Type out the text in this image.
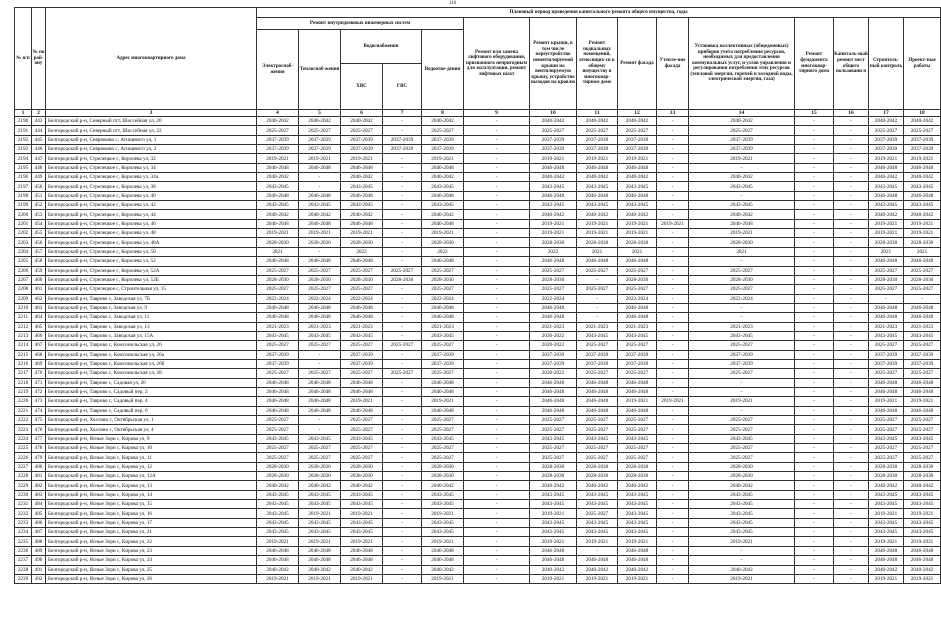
116
№ п/п	№ по рай-ону	Адрес многоквартирного дома	Плановый период проведения капитального ремонта общего имущества, годы														
			Ремонт внутридомовых инженерных систем					Ремонт или замена лифтового оборудования, признанного непригодным для эксплуатации, ремонт лифтовых шахт	Ремонт крыши, в том числе переустройство невентилируемой крыши на вентилируемую крышу, устройство выходов на кровлю	Ремонт подвальных помещений, относящих-ся к общему имуществу в многоквар-тирном доме	Ремонт фасада	Утепле-ние фасада	Установка коллективных (общедомовых) приборов учета потребления ресурсов, необходимых для предоставления коммунальных услуг, и узлов управления и регулирования потребления этих ресурсов (тепловой энергии, горячей и холодной воды, электрической энергии, газа)	Ремонт фундамента многоквар-тирного дома	Капиталь-ный ремонт мест общего пользовани я	Строитель-ный контроль	Проект-ные работы
			Электроснаб-жения	Теплоснаб-жения	Водоснабжения		Водоотве-дения										
					ХВС	ГВС											
1	2	3	4	5	6	7	8	9	10	11	12	13	14	15	16	17	18
2190	443	Белгородский р-н, Северный пгт, Шоссейная ул, 20	2040-2042	2040-2042	2040-2042	-	2040-2042	-	2040-2042	2040-2042	2040-2042	-	2040-2042	-	-	2040-2042	2040-2042
2191	444	Белгородский р-н, Северный пгт, Шоссейная ул, 22	2025-2027	2025-2027	2025-2027	-	2025-2027	-	2025-2027	2025-2027	2025-2027	-	2025-2027	-	-	2025-2027	2025-2027
2192	445	Белгородский р-н, Севрюково с, Агищевого ул, 1	2037-2039	2037-2039	2037-2039	2037-2039	2037-2039	-	2037-2039	2037-2039	2037-2039	-	2037-2039	-	-	2037-2039	2037-2039
2193	446	Белгородский р-н, Севрюково с, Агищевого ул, 2	2037-2039	2037-2039	2037-2039	2037-2039	2037-2039	-	2037-2039	2037-2039	2037-2039	-	2037-2039	-	-	2037-2039	2037-2039
2194	447	Белгородский р-н, Стрелецкое с, Королева ул, 32	2019-2021	2019-2021	2019-2021	-	2019-2021	-	2019-2021	2019-2021	2019-2021	-	2019-2021	-	-	2019-2021	2019-2021
2195	448	Белгородский р-н, Стрелецкое с, Королева ул, 34	2046-2048	2046-2048	2046-2048	-	2046-2048	-	2046-2048	2046-2048	2046-2048	-	-	-	-	2046-2048	2046-2048
2196	449	Белгородский р-н, Стрелецкое с, Королева ул, 34а	2040-2042	-	2040-2042	-	2040-2042	-	2040-2042	2040-2042	2040-2042	-	2040-2042	-	-	2040-2042	2040-2042
2197	450	Белгородский р-н, Стрелецкое с, Королева ул, 38	2043-2045	-	2043-2045	-	2043-2045	-	2043-2045	2043-2045	2043-2045	-	2043-2045	-	-	2043-2045	2043-2045
2198	451	Белгородский р-н, Стрелецкое с, Королева ул, 40	2046-2048	2046-2048	2046-2048	-	2046-2048	-	2046-2048	2046-2048	2046-2048	-	-	-	-	2046-2048	2046-2048
2199	452	Белгородский р-н, Стрелецкое с, Королева ул, 42	2043-2045	2043-2045	2043-2045	-	2043-2045	-	2043-2045	2043-2045	2043-2045	-	2043-2045	-	-	2043-2045	2043-2045
2200	453	Белгородский р-н, Стрелецкое с, Королева ул, 44	2040-2042	2040-2042	2040-2042	-	2040-2042	-	2040-2042	2040-2042	2040-2042	-	2040-2042	-	-	2040-2042	2040-2042
2201	454	Белгородский р-н, Стрелецкое с, Королева ул, 46	2046-2048	2046-2048	2046-2048	-	2046-2048	-	2019-2021	2019-2021	2019-2021	2019-2021	2046-2048	-	-	2019-2021	2019-2021
2202	455	Белгородский р-н, Стрелецкое с, Королева ул, 48	2019-2021	2019-2021	2019-2021	-	2019-2021	-	2019-2021	2019-2021	2019-2021	-	2019-2021	-	-	2019-2021	2019-2021
2203	456	Белгородский р-н, Стрелецкое с, Королева ул, 48А	2028-2030	2028-2030	2028-2030	-	2028-2030	-	2028-2030	2028-2030	2028-2030	-	2028-2030	-	-	2028-2030	2028-2030
2204	457	Белгородский р-н, Стрелецкое с, Королева ул, 50	2021	-	2022	-	2022	-	2022	2021	2021	-	2021	-	-	2021	2021
2205	458	Белгородский р-н, Стрелецкое с, Королева ул, 52	2046-2048	2046-2048	2046-2048	-	2046-2048	-	2046-2048	2046-2048	2046-2048	-	-	-	-	2046-2048	2046-2048
2206	459	Белгородский р-н, Стрелецкое с, Королева ул, 52А	2025-2027	2025-2027	2025-2027	2025-2027	2025-2027	-	2025-2027	2025-2027	2025-2027	-	2025-2027	-	-	2025-2027	2025-2027
2207	460	Белгородский р-н, Стрелецкое с, Королева ул, 52Б	2028-2030	2028-2030	2028-2030	2028-2030	2028-2030	-	2028-2030	-	2028-2030	-	2028-2030	-	-	2028-2030	2028-2030
2208	461	Белгородский р-н, Стрелецкое с, Строительная ул, 15	2025-2027	2025-2027	2025-2027	-	2025-2027	-	2025-2027	2025-2027	2025-2027	-	2025-2027	-	-	2025-2027	2025-2027
2209	462	Белгородский р-н, Таврово с, Заводская ул, 7Б	2022-2024	2022-2024	2022-2024	-	2022-2024	-	2022-2024	-	2022-2024	-	2022-2024	-	-	-	-
2210	463	Белгородский р-н, Таврово с, Заводская ул, 9	2046-2048	2046-2048	2046-2048	-	2046-2048	-	2046-2048	-	2046-2048	-	-	-	-	2046-2048	2046-2048
2211	464	Белгородский р-н, Таврово с, Заводская ул, 11	2046-2048	2046-2048	2046-2048	-	2046-2048	-	2046-2048	-	2046-2048	-	-	-	-	2046-2048	2046-2048
2212	465	Белгородский р-н, Таврово с, Заводская ул, 13	2021-2023	2021-2023	2021-2023	-	2021-2023	-	2021-2023	2021-2023	2021-2023	-	2021-2023	-	-	2021-2023	2021-2023
2213	466	Белгородский р-н, Таврово с, Заводская ул, 15А	2043-2045	2043-2045	2043-2045	-	2043-2045	-	2020-2022	2043-2045	2043-2045	-	2043-2045	-	-	2043-2045	2043-2045
2214	467	Белгородский р-н, Таврово с, Комсомольская ул, 26	2025-2027	2025-2027	2025-2027	2025-2027	2025-2027	-	2020-2022	2025-2027	2025-2027	-	2025-2027	-	-	2025-2027	2025-2027
2215	468	Белгородский р-н, Таврово с, Комсомольская ул, 26а	2037-2039	-	2037-2039	-	2037-2039	-	2037-2039	2037-2039	2037-2039	-	2037-2039	-	-	2037-2039	2037-2039
2216	469	Белгородский р-н, Таврово с, Комсомольская ул, 26б	2037-2039	-	2037-2039	-	2037-2039	-	2037-2039	2037-2039	2037-2039	-	2037-2039	-	-	2037-2039	2037-2039
2217	470	Белгородский р-н, Таврово с, Комсомольская ул, 28	2025-2027	2025-2027	2025-2027	2025-2027	2025-2027	-	2020-2022	2025-2027	2025-2027	-	2025-2027	-	-	2025-2027	2025-2027
2218	471	Белгородский р-н, Таврово с, Садовая ул, 26	2046-2048	2046-2048	2046-2048	-	2046-2048	-	2046-2048	2046-2048	2046-2048	-	-	-	-	2046-2048	2046-2048
2219	472	Белгородский р-н, Таврово с, Садовый пер, 2	2046-2048	2046-2048	2046-2048	-	2046-2048	-	2046-2048	2046-2048	2046-2048	-	-	-	-	2046-2048	2046-2048
2220	473	Белгородский р-н, Таврово с, Садовый пер, 4	2046-2048	2046-2048	2019-2021	-	2019-2021	-	2046-2048	2046-2048	2019-2021	2019-2021	2019-2021	-	-	2019-2021	2019-2021
2221	474	Белгородский р-н, Таврово с, Садовый пер, 6	2046-2048	2046-2048	2046-2048	-	2046-2048	-	2046-2048	2046-2048	2046-2048	-	-	-	-	2046-2048	2046-2048
2222	475	Белгородский р-н, Хохлово с, Октябрьская ул, 1	2025-2027	-	2025-2027	-	2025-2027	-	2025-2027	2025-2027	2025-2027	-	2025-2027	-	-	2025-2027	2025-2027
2223	476	Белгородский р-н, Хохлово с, Октябрьская ул, 4	2025-2027	-	2025-2027	-	2025-2027	-	2025-2027	2025-2027	2025-2027	-	2025-2027	-	-	2025-2027	2025-2027
2224	477	Белгородский р-н, Ясные Зори с, Кирова ул, 9	2043-2045	2043-2045	2043-2045	-	2043-2045	-	2043-2045	2043-2045	2043-2045	-	2043-2045	-	-	2043-2045	2043-2045
2225	478	Белгородский р-н, Ясные Зори с, Кирова ул, 10	2025-2027	2025-2027	2025-2027	-	2025-2027	-	2025-2027	2025-2027	2025-2027	-	2025-2027	-	-	2025-2027	2025-2027
2226	479	Белгородский р-н, Ясные Зори с, Кирова ул, 11	2025-2027	2025-2027	2025-2027	-	2025-2027	-	2025-2027	2025-2027	2025-2027	-	2025-2027	-	-	2025-2027	2025-2027
2227	480	Белгородский р-н, Ясные Зори с, Кирова ул, 12	2028-2030	2028-2030	2028-2030	-	2028-2030	-	2028-2030	2028-2030	2028-2030	-	2028-2030	-	-	2028-2030	2028-2030
2228	481	Белгородский р-н, Ясные Зори с, Кирова ул, 12А	2028-2030	2028-2030	2028-2030	-	2028-2030	-	2028-2030	2028-2030	2028-2030	-	2028-2030	-	-	2028-2030	2028-2030
2229	482	Белгородский р-н, Ясные Зори с, Кирова ул, 13	2040-2042	2040-2042	2040-2042	-	2040-2042	-	2040-2042	2040-2042	2040-2042	-	2040-2042	-	-	2040-2042	2040-2042
2230	483	Белгородский р-н, Ясные Зори с, Кирова ул, 14	2043-2045	2043-2045	2043-2045	-	2043-2045	-	2043-2045	2043-2045	2043-2045	-	2043-2045	-	-	2043-2045	2043-2045
2231	484	Белгородский р-н, Ясные Зори с, Кирова ул, 15	2043-2045	2043-2045	2043-2045	-	2043-2045	-	2043-2045	2043-2045	2043-2045	-	2043-2045	-	-	2043-2045	2043-2045
2232	485	Белгородский р-н, Ясные Зори с, Кирова ул, 16	2043-2045	2019-2021	2019-2021	-	2019-2021	-	2019-2021	2025-2027	2043-2045	-	2043-2045	-	-	2019-2021	2019-2021
2233	486	Белгородский р-н, Ясные Зори с, Кирова ул, 17	2043-2045	2043-2045	2043-2045	-	2043-2045	-	2043-2045	2043-2045	2043-2045	-	2043-2045	-	-	2043-2045	2043-2045
2234	487	Белгородский р-н, Ясные Зори с, Кирова ул, 21	2043-2045	2043-2045	2043-2045	-	2043-2045	-	2043-2045	2043-2045	2043-2045	-	2043-2045	-	-	2043-2045	2043-2045
2235	488	Белгородский р-н, Ясные Зори с, Кирова ул, 22	2019-2021	2019-2021	2019-2021	-	2019-2021	-	2019-2021	2019-2021	2019-2021	-	2019-2021	-	-	2019-2021	2019-2021
2236	489	Белгородский р-н, Ясные Зори с, Кирова ул, 23	2046-2048	2046-2048	2046-2048	-	2046-2048	-	2046-2048	-	2046-2048	-	-	-	-	2046-2048	2046-2048
2237	490	Белгородский р-н, Ясные Зори с, Кирова ул, 24	2046-2048	2046-2048	2046-2048	-	2046-2048	-	2046-2048	2046-2048	2046-2048	-	-	-	-	2046-2048	2046-2048
2238	491	Белгородский р-н, Ясные Зори с, Кирова ул, 25	2040-2042	2040-2042	2040-2042	-	2040-2042	-	2040-2042	2040-2042	2040-2042	-	2040-2042	-	-	2040-2042	2040-2042
2239	492	Белгородский р-н, Ясные Зори с, Кирова ул, 26	2019-2021	2019-2021	2019-2021	-	2019-2021	-	2019-2021	2019-2021	2019-2021	-	2019-2021	-	-	2019-2021	2019-2021
